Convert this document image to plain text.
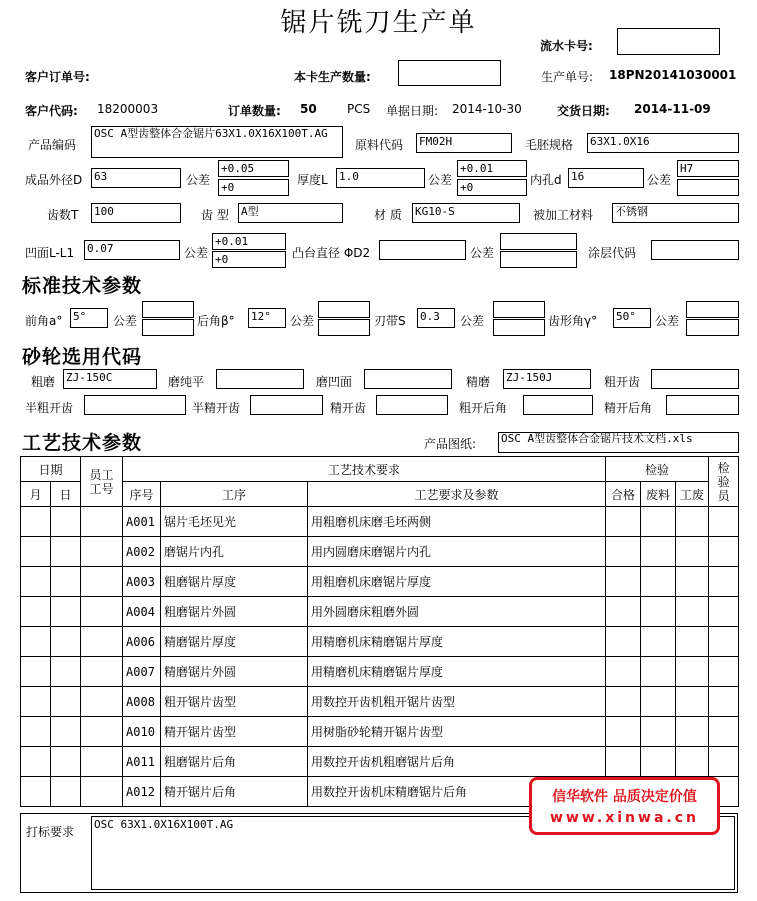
锯片铣刀生产单
流水卡号:
客户订单号:	本卡生产数量:	生产单号: 18PN20141030001
客户代码: 18200003	订单数量: 50	PCS 单据日期: 2014-10-30	交货日期: 2014-11-09
产品编码
OSC A型齿整体合金锯片63X1.0X16X100T.AG
原料代码 FM02H	毛胚规格 63X1.0X16
成品外径D 63	公差
+0.05
+0
厚度L 1.0	公差
+0.01
+0
内孔d 16	公差
H7
齿数T 100	齿 型 A型	材 质 KG10-S	被加工材料 不锈钢
凹面L-L1 0.07	公差
+0.01
+0	凸台直径 ΦD2	公差	涂层代码
标准技术参数
前角a° 5°	公差	后角β° 12°	公差	刃带S 0.3	公差	齿形角γ° 50°	公差
砂轮选用代码
粗磨 ZJ-150C	磨纯平	磨凹面	精磨 ZJ-150J	粗开齿
半粗开齿	半精开齿	精开齿	粗开后角	精开后角
工艺技术参数	产品图纸: OSC A型齿整体合金锯片技术文档.xls
日期		员工工号	工艺技术要求			检验			检验员
月	日		序号	工序	工艺要求及参数	合格	废料	工废	
			A001	锯片毛坯见光	用粗磨机床磨毛坯两侧				
			A002	磨锯片内孔	用内圆磨床磨锯片内孔				
			A003	粗磨锯片厚度	用粗磨机床磨锯片厚度				
			A004	粗磨锯片外圆	用外圆磨床粗磨外圆				
			A006	精磨锯片厚度	用精磨机床精磨锯片厚度				
			A007	精磨锯片外圆	用精磨机床精磨锯片厚度				
			A008	粗开锯片齿型	用数控开齿机粗开锯片齿型				
			A010	精开锯片齿型	用树脂砂轮精开锯片齿型				
			A011	粗磨锯片后角	用数控开齿机粗磨锯片后角				
			A012	精开锯片后角	用数控开齿机床精磨锯片后角				
打标要求
OSC 63X1.0X16X100T.AG
信华软件 品质决定价值
www.xinwa.cn
